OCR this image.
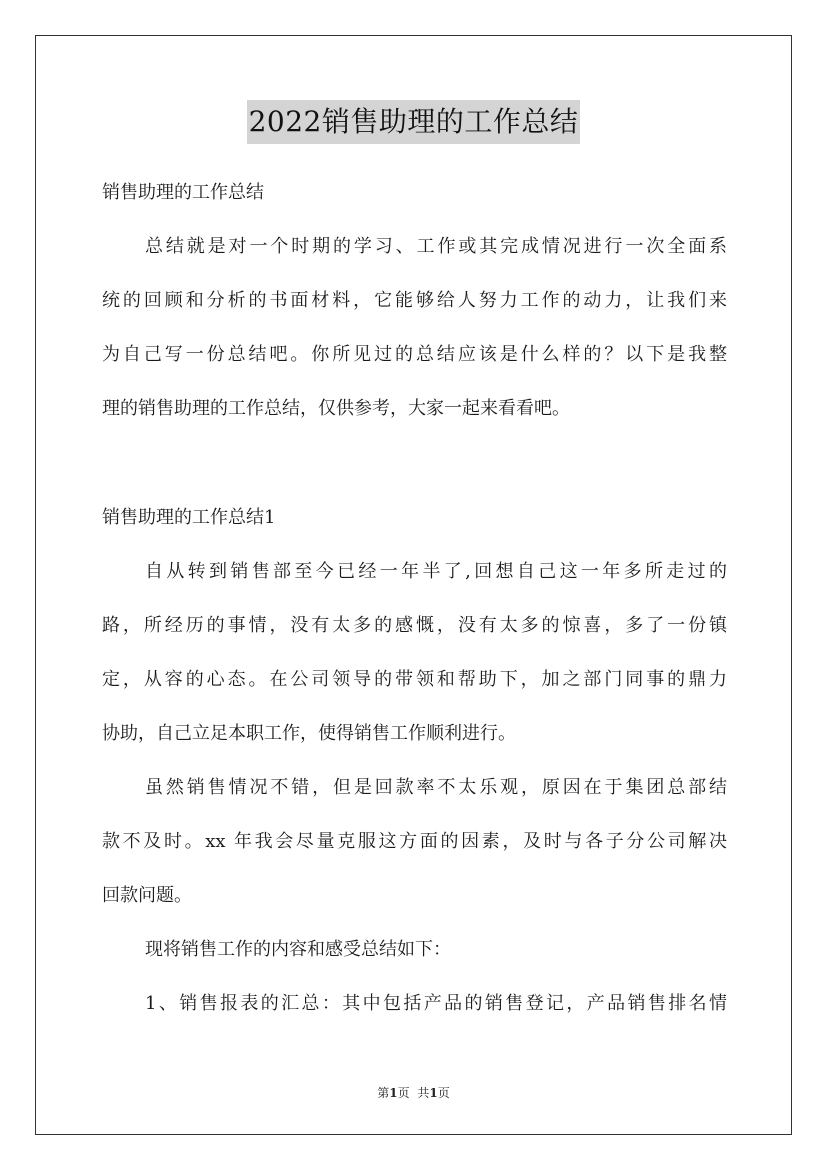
2022销售助理的工作总结
销售助理的工作总结
总结就是对一个时期的学习、工作或其完成情况进行一次全面系
统的回顾和分析的书面材料，它能够给人努力工作的动力，让我们来
为自己写一份总结吧。你所见过的总结应该是什么样的？以下是我整
理的销售助理的工作总结，仅供参考，大家一起来看看吧。
销售助理的工作总结1
自从转到销售部至今已经一年半了,回想自己这一年多所走过的
路，所经历的事情，没有太多的感慨，没有太多的惊喜，多了一份镇
定，从容的心态。在公司领导的带领和帮助下，加之部门同事的鼎力
协助，自己立足本职工作，使得销售工作顺利进行。
虽然销售情况不错，但是回款率不太乐观，原因在于集团总部结
款不及时。xx 年我会尽量克服这方面的因素，及时与各子分公司解决
回款问题。
现将销售工作的内容和感受总结如下：
1、销售报表的汇总：其中包括产品的销售登记，产品销售排名情
第1页 共1页
